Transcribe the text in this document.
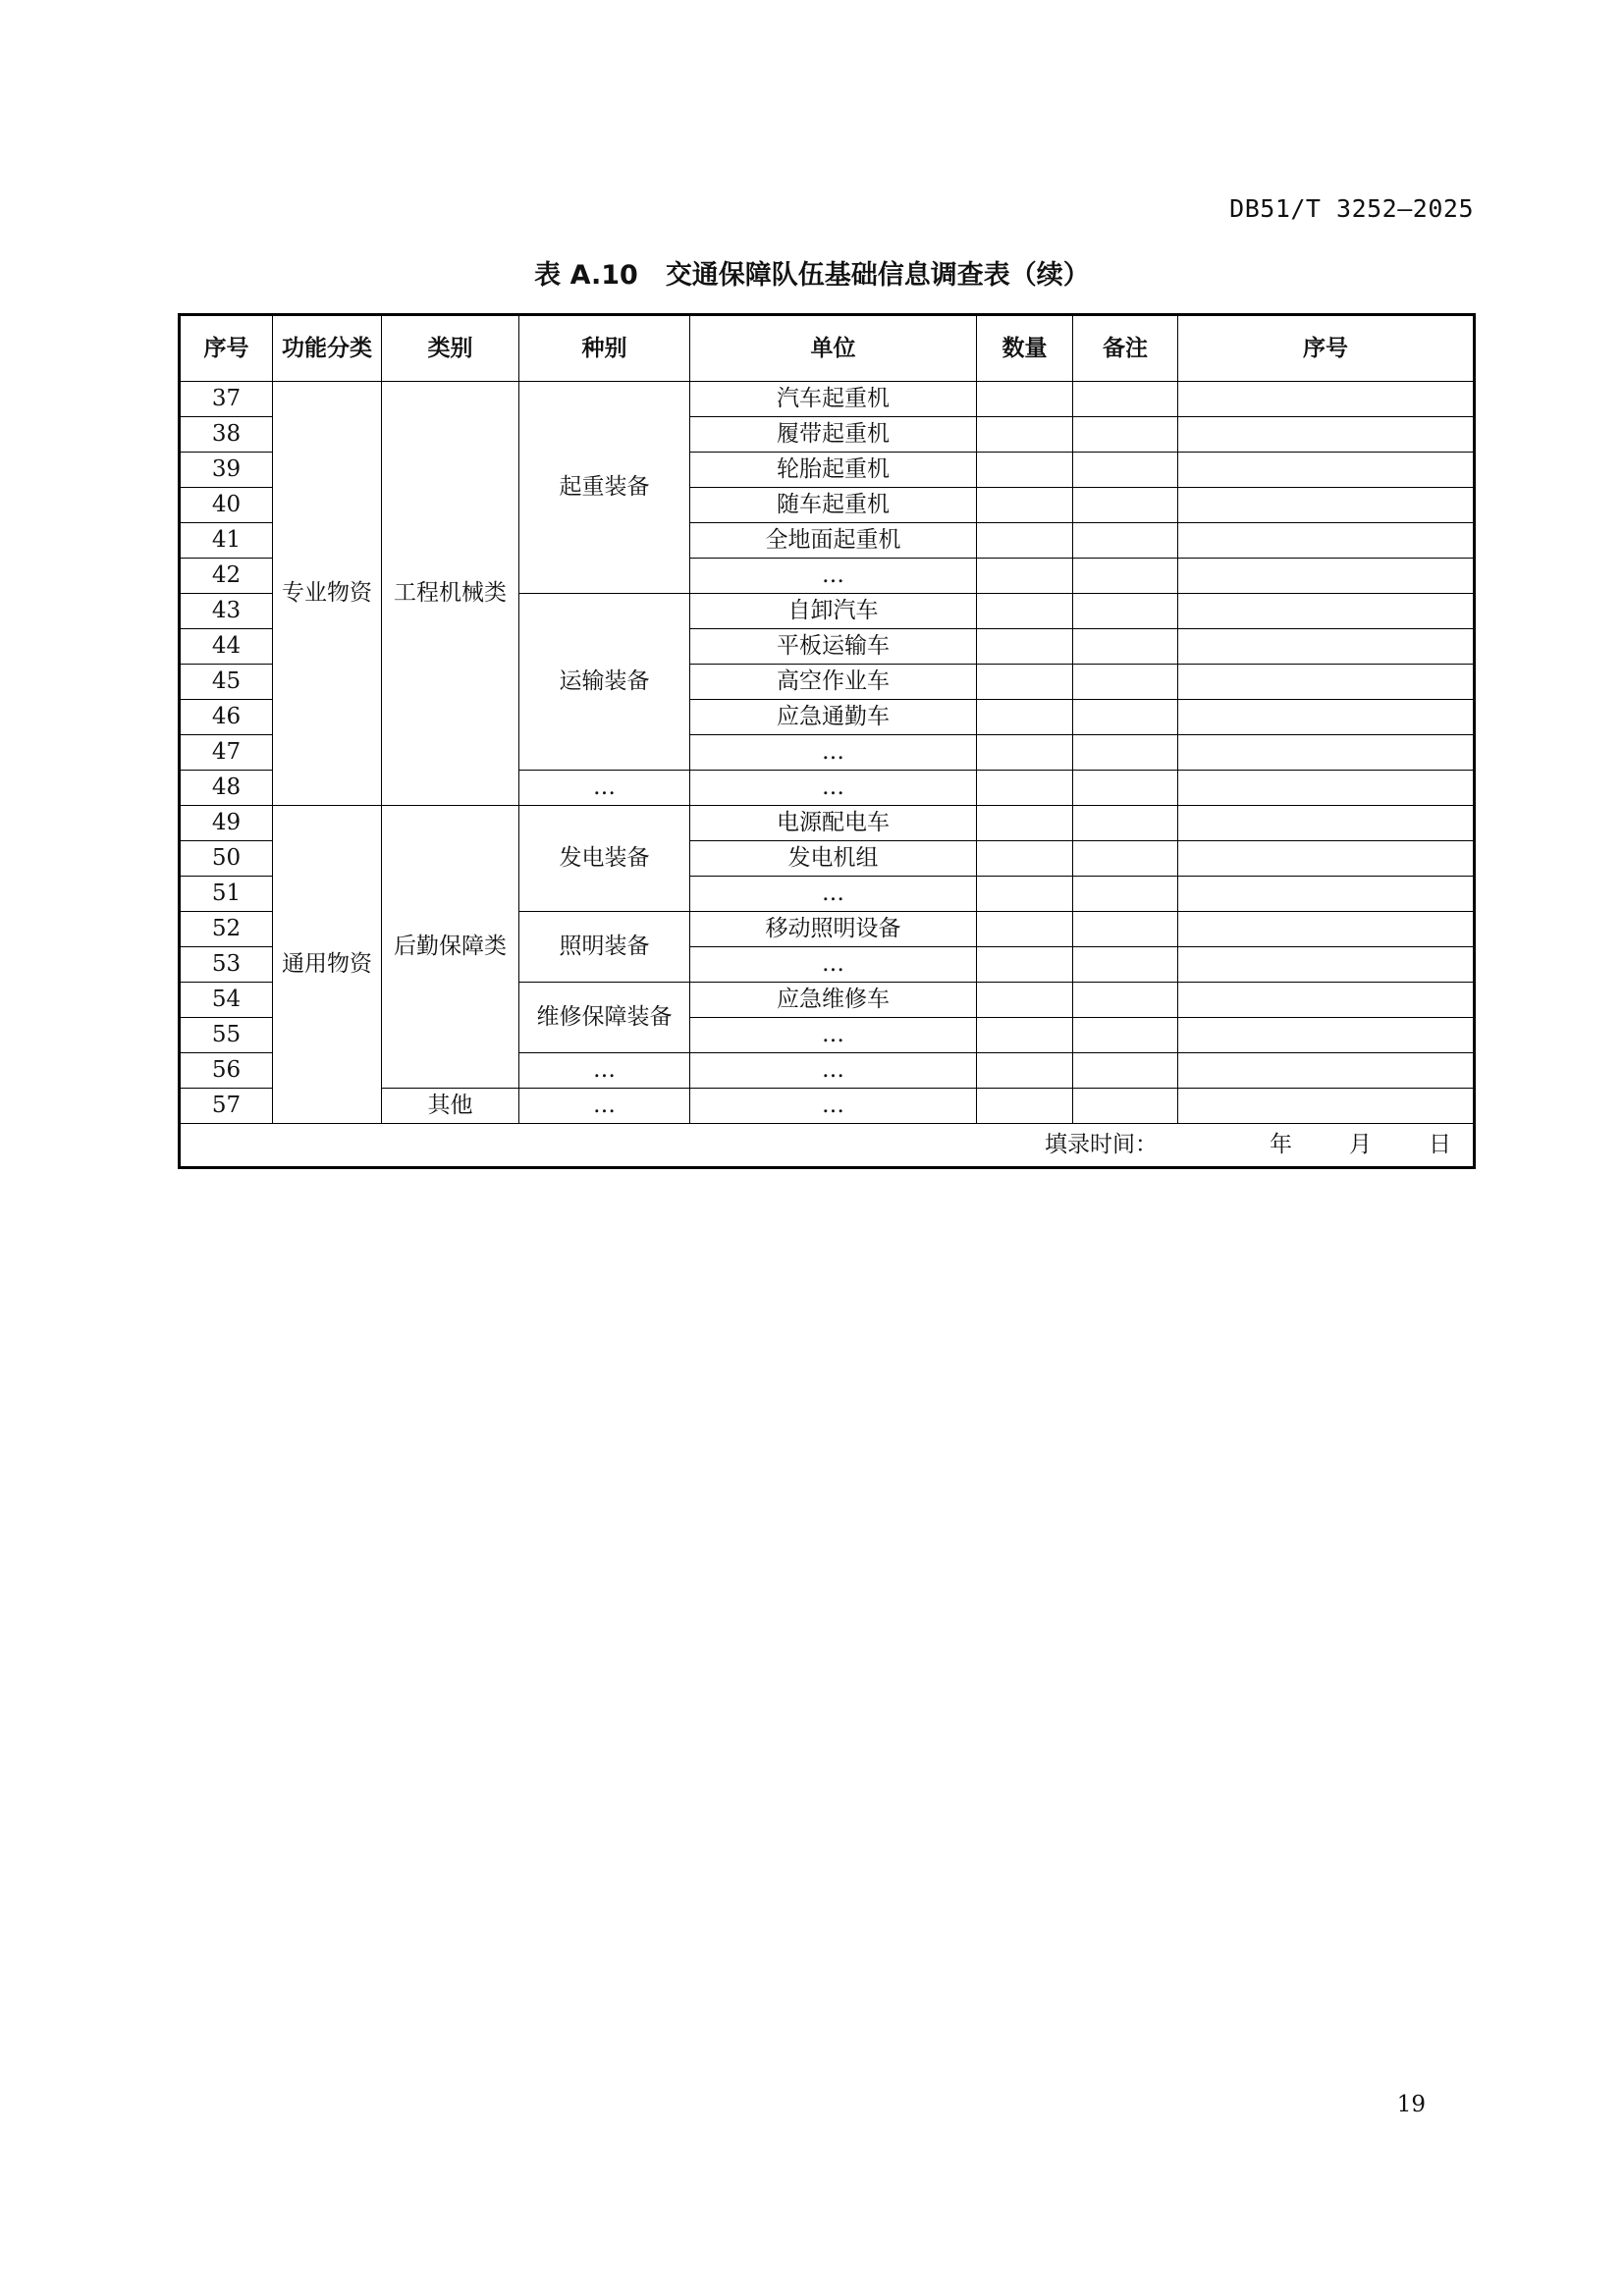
DB51/T 3252—2025
表 A.10 交通保障队伍基础信息调查表（续）
序号	功能分类	类别	种别	单位	数量	备注	序号
37	专业物资	工程机械类	起重装备	汽车起重机			
38				履带起重机			
39				轮胎起重机			
40				随车起重机			
41				全地面起重机			
42				…			
43			运输装备	自卸汽车			
44				平板运输车			
45				高空作业车			
46				应急通勤车			
47				…			
48			…	…			
49	通用物资	后勤保障类	发电装备	电源配电车			
50				发电机组			
51				…			
52			照明装备	移动照明设备			
53				…			
54			维修保障装备	应急维修车			
55				…			
56			…	…			
57		其他	…	…			
填录时间： 年 月 日							
19
